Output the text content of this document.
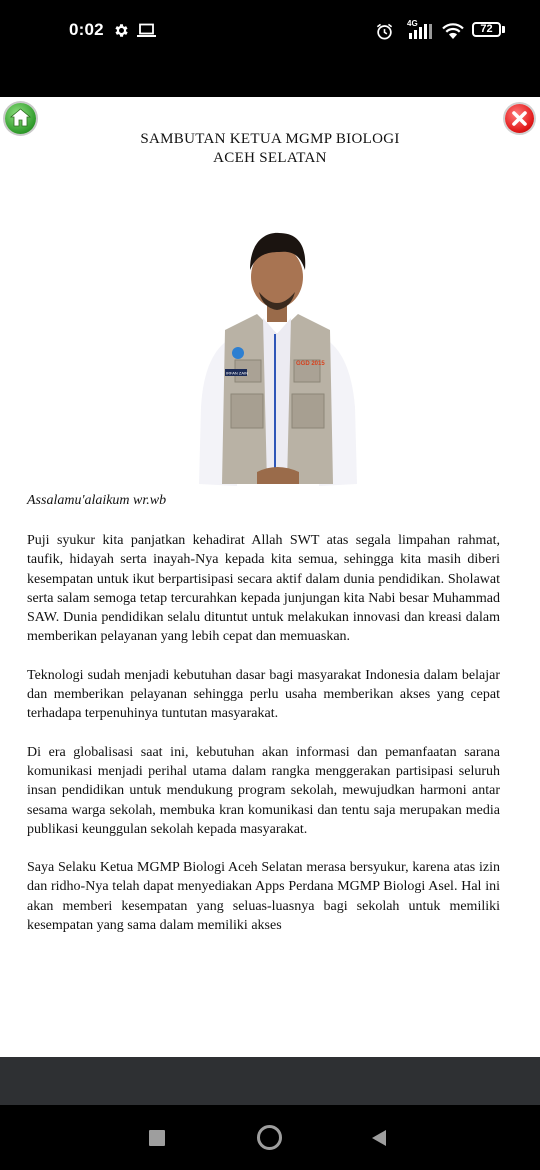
0:02	4G	72
SAMBUTAN KETUA MGMP BIOLOGI
ACEH SELATAN
GGD 2015
IRFAN ZAIN
Assalamu'alaikum wr.wb

Puji syukur kita panjatkan kehadirat Allah SWT atas segala limpahan rahmat, taufik, hidayah serta inayah-Nya kepada kita semua, sehingga kita masih diberi kesempatan untuk ikut berpartisipasi secara aktif dalam dunia pendidikan. Sholawat serta salam semoga tetap tercurahkan kepada junjungan kita Nabi besar Muhammad SAW. Dunia pendidikan selalu dituntut untuk melakukan innovasi dan kreasi dalam memberikan pelayanan yang lebih cepat dan memuaskan.

Teknologi sudah menjadi kebutuhan dasar bagi masyarakat Indonesia dalam belajar dan memberikan pelayanan sehingga perlu usaha memberikan akses yang cepat terhadapa terpenuhinya tuntutan masyarakat.

Di era globalisasi saat ini, kebutuhan akan informasi dan pemanfaatan sarana komunikasi menjadi perihal utama dalam rangka menggerakan partisipasi seluruh insan pendidikan untuk mendukung program sekolah, mewujudkan harmoni antar sesama warga sekolah, membuka kran komunikasi dan tentu saja merupakan media publikasi keunggulan sekolah kepada masyarakat.

Saya Selaku Ketua MGMP Biologi Aceh Selatan merasa bersyukur, karena atas izin dan ridho-Nya telah dapat menyediakan Apps Perdana MGMP Biologi Asel. Hal ini akan memberi kesempatan yang seluas-luasnya bagi sekolah untuk memiliki kesempatan yang sama dalam memiliki akses
